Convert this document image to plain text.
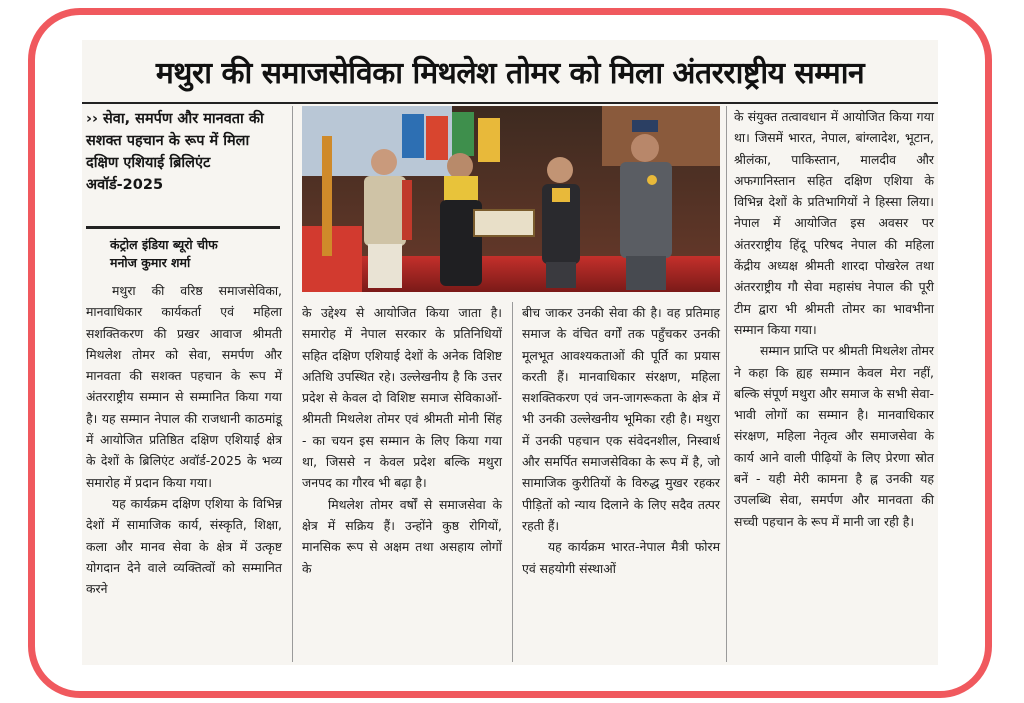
मथुरा की समाजसेविका मिथलेश तोमर को मिला अंतरराष्ट्रीय सम्मान
›› सेवा, समर्पण और मानवता की सशक्त पहचान के रूप में मिला दक्षिण एशियाई ब्रिलिएंट अवॉर्ड-2025
कंट्रोल इंडिया ब्यूरो चीफ
मनोज कुमार शर्मा

मथुरा की वरिष्ठ समाजसेविका, मानवाधिकार कार्यकर्ता एवं महिला सशक्तिकरण की प्रखर आवाज श्रीमती मिथलेश तोमर को सेवा, समर्पण और मानवता की सशक्त पहचान के रूप में अंतरराष्ट्रीय सम्मान से सम्मानित किया गया है। यह सम्मान नेपाल की राजधानी काठमांडू में आयोजित प्रतिष्ठित दक्षिण एशियाई क्षेत्र के देशों के ब्रिलिएंट अवॉर्ड-2025 के भव्य समारोह में प्रदान किया गया।

यह कार्यक्रम दक्षिण एशिया के विभिन्न देशों में सामाजिक कार्य, संस्कृति, शिक्षा, कला और मानव सेवा के क्षेत्र में उत्कृष्ट योगदान देने वाले व्यक्तित्वों को सम्मानित करने

के उद्देश्य से आयोजित किया जाता है। समारोह में नेपाल सरकार के प्रतिनिधियों सहित दक्षिण एशियाई देशों के अनेक विशिष्ट अतिथि उपस्थित रहे। उल्लेखनीय है कि उत्तर प्रदेश से केवल दो विशिष्ट समाज सेविकाओं- श्रीमती मिथलेश तोमर एवं श्रीमती मोनी सिंह - का चयन इस सम्मान के लिए किया गया था, जिससे न केवल प्रदेश बल्कि मथुरा जनपद का गौरव भी बढ़ा है।

मिथलेश तोमर वर्षों से समाजसेवा के क्षेत्र में सक्रिय हैं। उन्होंने कुष्ठ रोगियों, मानसिक रूप से अक्षम तथा असहाय लोगों के

बीच जाकर उनकी सेवा की है। वह प्रतिमाह समाज के वंचित वर्गों तक पहुँचकर उनकी मूलभूत आवश्यकताओं की पूर्ति का प्रयास करती हैं। मानवाधिकार संरक्षण, महिला सशक्तिकरण एवं जन-जागरूकता के क्षेत्र में भी उनकी उल्लेखनीय भूमिका रही है। मथुरा में उनकी पहचान एक संवेदनशील, निस्वार्थ और समर्पित समाजसेविका के रूप में है, जो सामाजिक कुरीतियों के विरुद्ध मुखर रहकर पीड़ितों को न्याय दिलाने के लिए सदैव तत्पर रहती हैं।

यह कार्यक्रम भारत-नेपाल मैत्री फोरम एवं सहयोगी संस्थाओं

के संयुक्त तत्वावधान में आयोजित किया गया था। जिसमें भारत, नेपाल, बांग्लादेश, भूटान, श्रीलंका, पाकिस्तान, मालदीव और अफगानिस्तान सहित दक्षिण एशिया के विभिन्न देशों के प्रतिभागियों ने हिस्सा लिया। नेपाल में आयोजित इस अवसर पर अंतरराष्ट्रीय हिंदू परिषद नेपाल की महिला केंद्रीय अध्यक्ष श्रीमती शारदा पोखरेल तथा अंतरराष्ट्रीय गौ सेवा महासंघ नेपाल की पूरी टीम द्वारा भी श्रीमती तोमर का भावभीना सम्मान किया गया।

सम्मान प्राप्ति पर श्रीमती मिथलेश तोमर ने कहा कि ह्यह सम्मान केवल मेरा नहीं, बल्कि संपूर्ण मथुरा और समाज के सभी सेवा-भावी लोगों का सम्मान है। मानवाधिकार संरक्षण, महिला नेतृत्व और समाजसेवा के कार्य आने वाली पीढ़ियों के लिए प्रेरणा स्रोत बनें - यही मेरी कामना है ह्न उनकी यह उपलब्धि सेवा, समर्पण और मानवता की सच्ची पहचान के रूप में मानी जा रही है।
